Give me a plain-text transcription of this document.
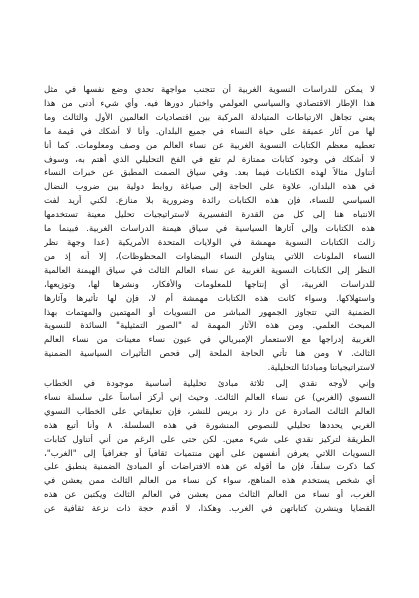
لا يمكن للدراسات النسوية الغربية أن تتجنب مواجهة تحدي وضع نفسها في مثل
هذا الإطار الاقتصادي والسياسي العولمي واختبار دورها فيه. وأي شيء أدنى من هذا
يعني تجاهل الارتباطات المتبادلة المركبة بين اقتصاديات العالمين الأول والثالث وما
لها من آثار عميقة على حياة النساء في جميع البلدان. وأنا لا أشكك في قيمة ما
تعطيه معظم الكتابات النسوية الغربية عن نساء العالم من وصف ومعلومات. كما أنا
لا أشكك في وجود كتابات ممتازة لم تقع في الفخ التحليلي الذي أهتم به، وسوف
أتناول مثالاً لهذه الكتابات فيما بعد. وفي سياق الصمت المطبق عن خبرات النساء
في هذه البلدان، علاوة على الحاجة إلى صياغة روابط دولية بين ضروب النضال
السياسي للنساء، فإن هذه الكتابات رائدة وضرورية بلا منازع. لكني أريد لفت
الانتباه هنا إلى كل من القدرة التفسيرية لاستراتيجيات تحليل معينة تستخدمها
هذه الكتابات وإلى آثارها السياسية في سياق هيمنة الدراسات الغربية. فبينما ما
زالت الكتابات النسوية مهمشة في الولايات المتحدة الأمريكية (عدا وجهة نظر
النساء الملونات اللاتي يتناولن النساء البيضاوات المحظوظات)، إلا أنه إذ من
النظر إلى الكتابات النسوية الغربية عن نساء العالم الثالث في سياق الهيمنة العالمية
للدراسات الغربية، أي إنتاجها للمعلومات والأفكار، ونشرها لها، وتوزيعها،
واستهلاكها. وسواء كانت هذه الكتابات مهمشة أم لا، فإن لها تأثيرها وآثارها
الضمنية التي تتجاوز الجمهور المباشر من النسويات أو المهتمين والمهتمات بهذا
المبحث العلمي. ومن هذه الآثار المهمة له "الصور التمثيلية" السائدة للنسوية
الغربية إدراجها مع الاستعمار الإمبريالي في عيون نساء معينات من نساء العالم
الثالث. ٧ ومن هنا تأتي الحاجة الملحة إلى فحص التأثيرات السياسية الضمنية
لاستراتيجياتنا ومبادئنا التحليلية.
وإني لأوجه نقدي إلى ثلاثة مبادئ تحليلية أساسية موجودة في الخطاب
النسوي (الغربي) عن نساء العالم الثالث. وحيث إني أركز أساساً على سلسلة نساء
العالم الثالث الصادرة عن دار زد بريس للنشر، فإن تعليقاتي على الخطاب النسوي
الغربي يحددها تحليلي للنصوص المنشورة في هذه السلسلة. ٨ وأنا أتبع هذه
الطريقة لتركيز نقدي على شيء معين. لكن حتى على الرغم من أني أتناول كتابات
النسويات اللاتي يعرفن أنفسهن على أنهن منتميات ثقافياً أو جغرافياً إلى "الغرب"،
كما ذكرت سلفاً، فإن ما أقوله عن هذه الافتراضات أو المبادئ الضمنية ينطبق على
أي شخص يستخدم هذه المناهج، سواء كن نساء من العالم الثالث ممن يعشن في
الغرب، أو نساء من العالم الثالث ممن يعشن في العالم الثالث ويكتبن عن هذه
القضايا وينشرن كتاباتهن في الغرب. وهكذا، لا أقدم حجة ذات نزعة ثقافية عن
